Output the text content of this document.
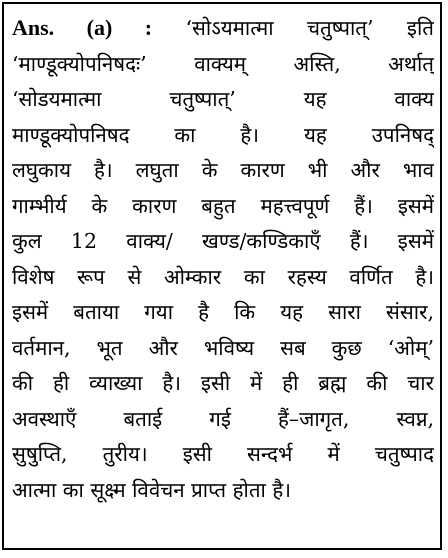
Ans. (a) : ‘सोऽयमात्मा चतुष्पात्’ इति
‘माण्डूक्योपनिषदः’ वाक्यम् अस्ति, अर्थात्
‘सोडयमात्मा चतुष्पात्’ यह वाक्य
माण्डूक्योपनिषद का है। यह उपनिषद्
लघुकाय है। लघुता के कारण भी और भाव
गाम्भीर्य के कारण बहुत महत्त्वपूर्ण हैं। इसमें
कुल 12 वाक्य/ खण्ड/कण्डिकाएँ हैं। इसमें
विशेष रूप से ओम्कार का रहस्य वर्णित है।
इसमें बताया गया है कि यह सारा संसार,
वर्तमान, भूत और भविष्य सब कुछ ‘ओम्’
की ही व्याख्या है। इसी में ही ब्रह्म की चार
अवस्थाएँ बताई गई हैं–जागृत, स्वप्न,
सुषुप्ति, तुरीय। इसी सन्दर्भ में चतुष्पाद
आत्मा का सूक्ष्म विवेचन प्राप्त होता है।
